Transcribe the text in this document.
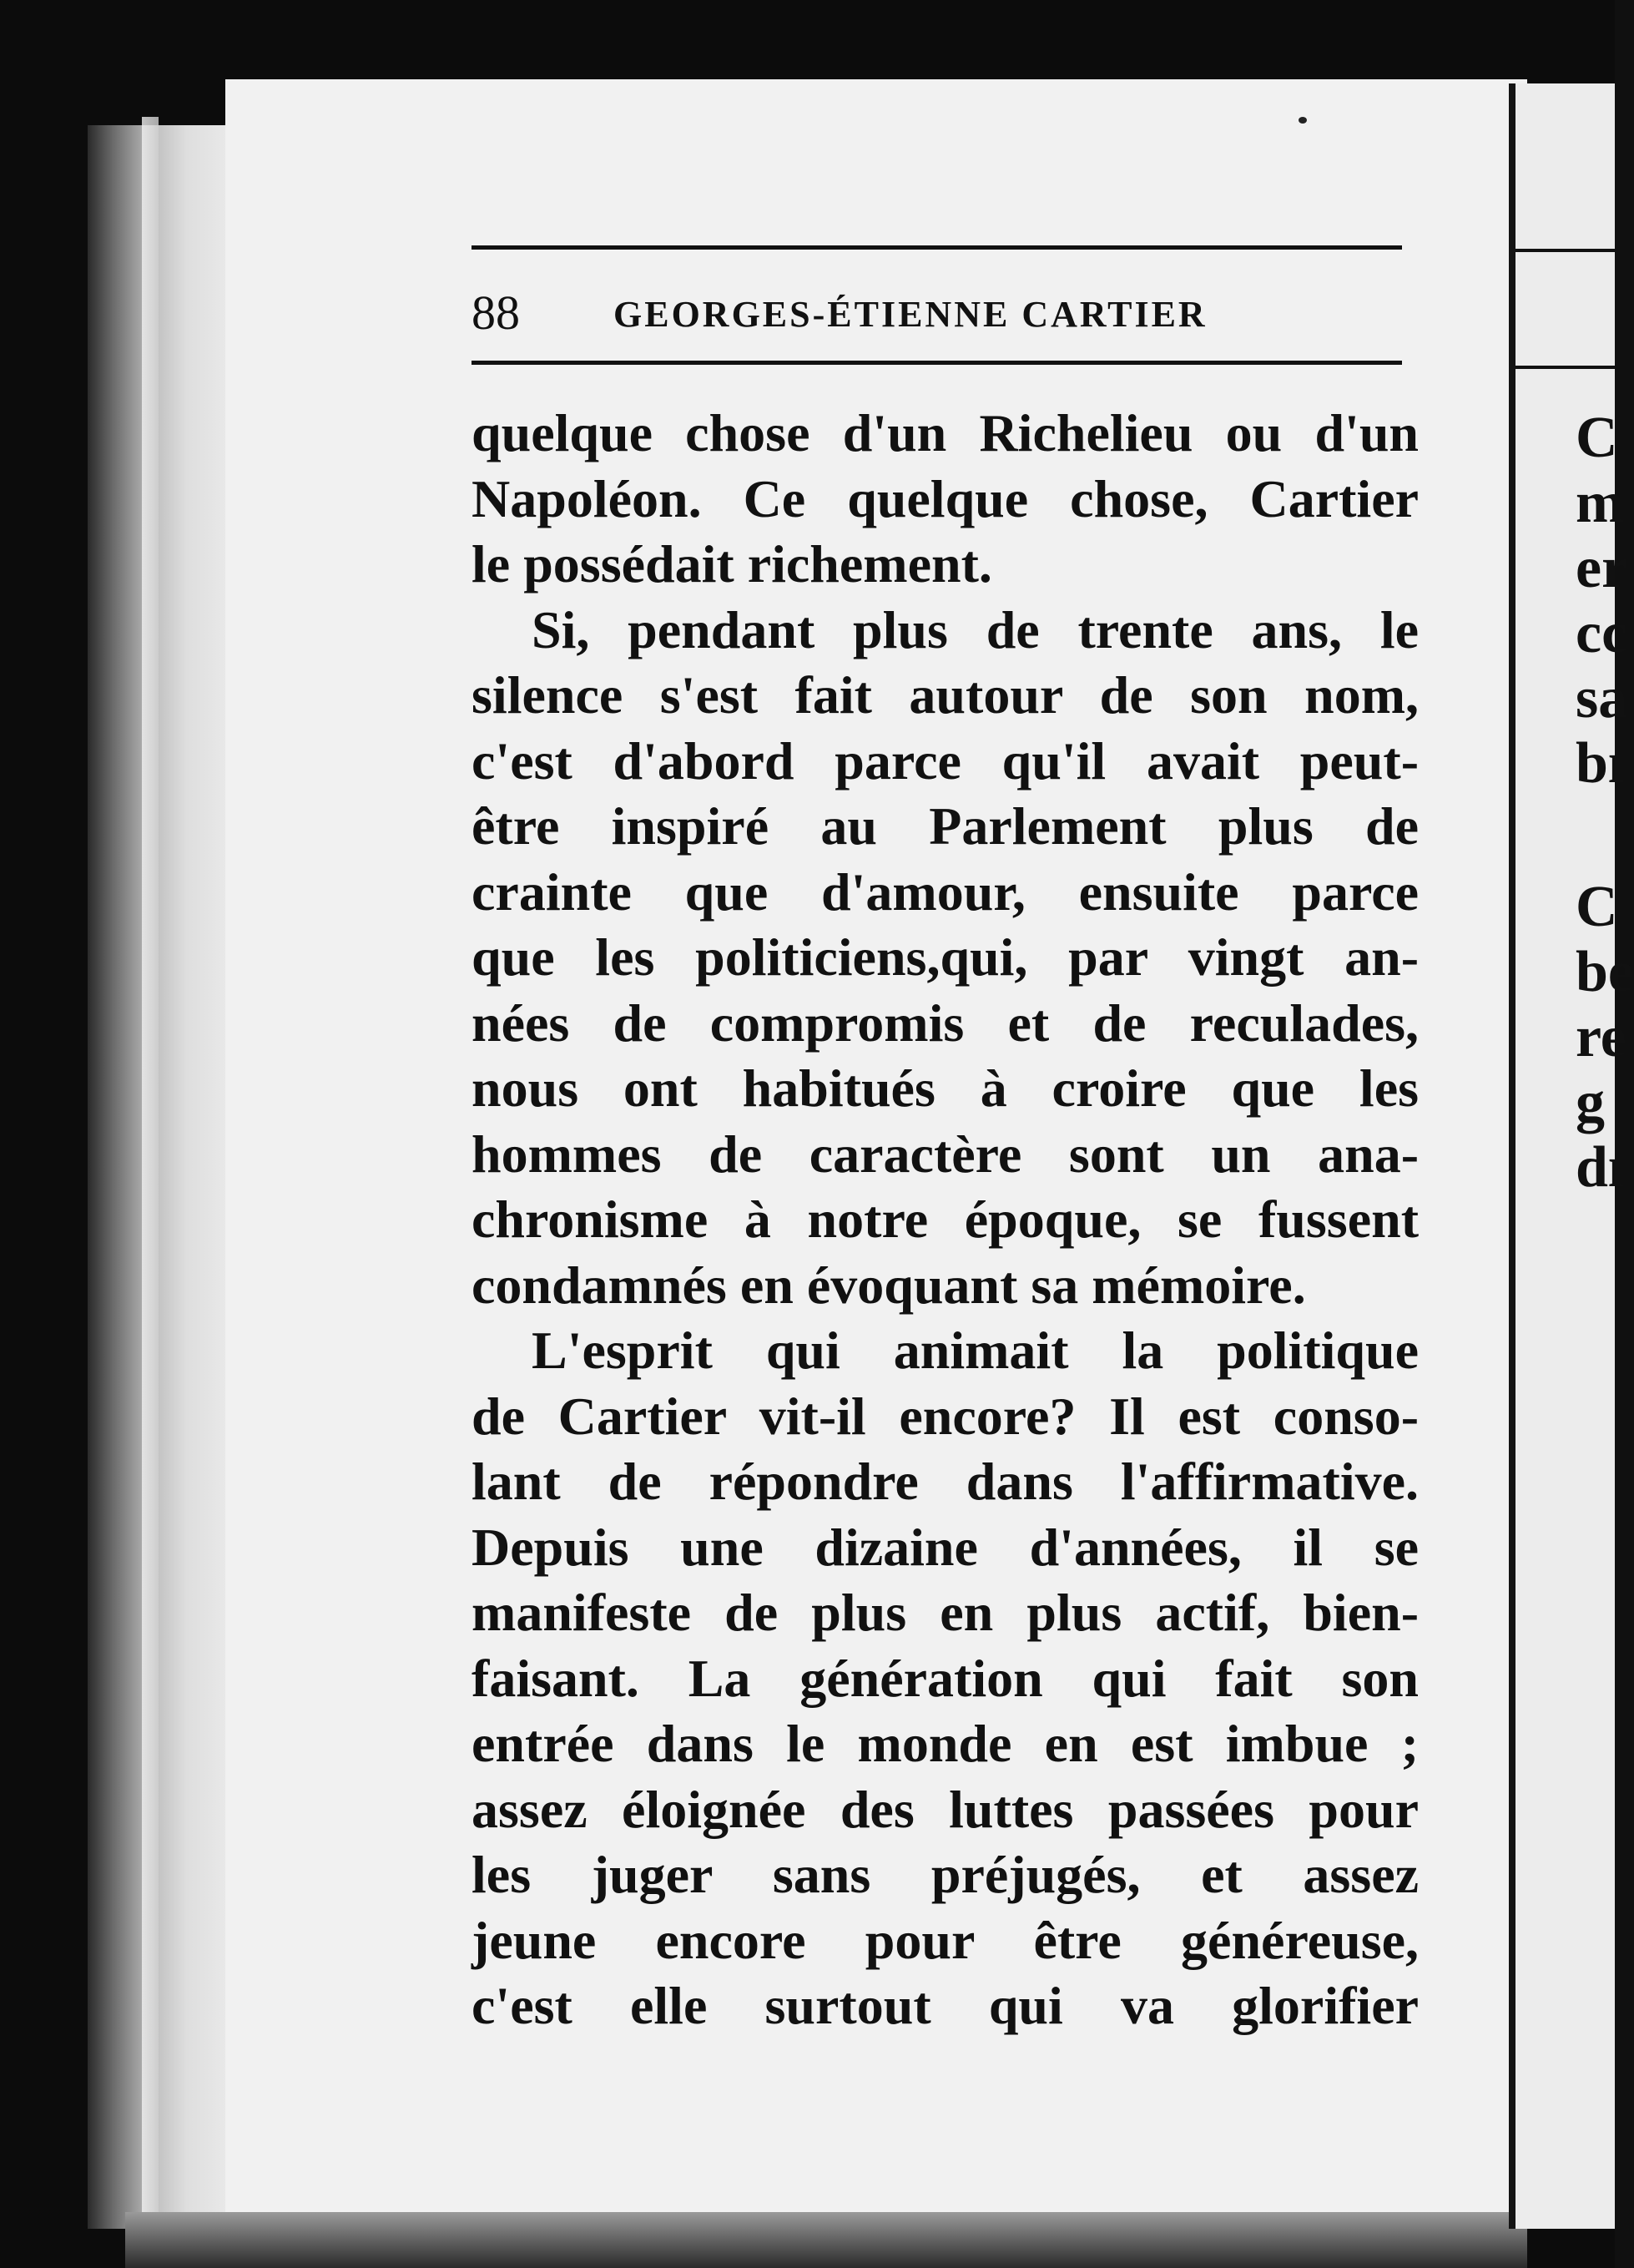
C
m
er
cc
sa
bı
C
be
re
g
dı
88	GEORGES-ÉTIENNE CARTIER
quelque chose d'un Richelieu ou d'un
Napoléon. Ce quelque chose, Cartier
le possédait richement.
Si, pendant plus de trente ans, le
silence s'est fait autour de son nom,
c'est d'abord parce qu'il avait peut-
être inspiré au Parlement plus de
crainte que d'amour, ensuite parce
que les politiciens,qui, par vingt an-
nées de compromis et de reculades,
nous ont habitués à croire que les
hommes de caractère sont un ana-
chronisme à notre époque, se fussent
condamnés en évoquant sa mémoire.
L'esprit qui animait la politique
de Cartier vit-il encore? Il est conso-
lant de répondre dans l'affirmative.
Depuis une dizaine d'années, il se
manifeste de plus en plus actif, bien-
faisant. La génération qui fait son
entrée dans le monde en est imbue ;
assez éloignée des luttes passées pour
les juger sans préjugés, et assez
jeune encore pour être généreuse,
c'est elle surtout qui va glorifier
